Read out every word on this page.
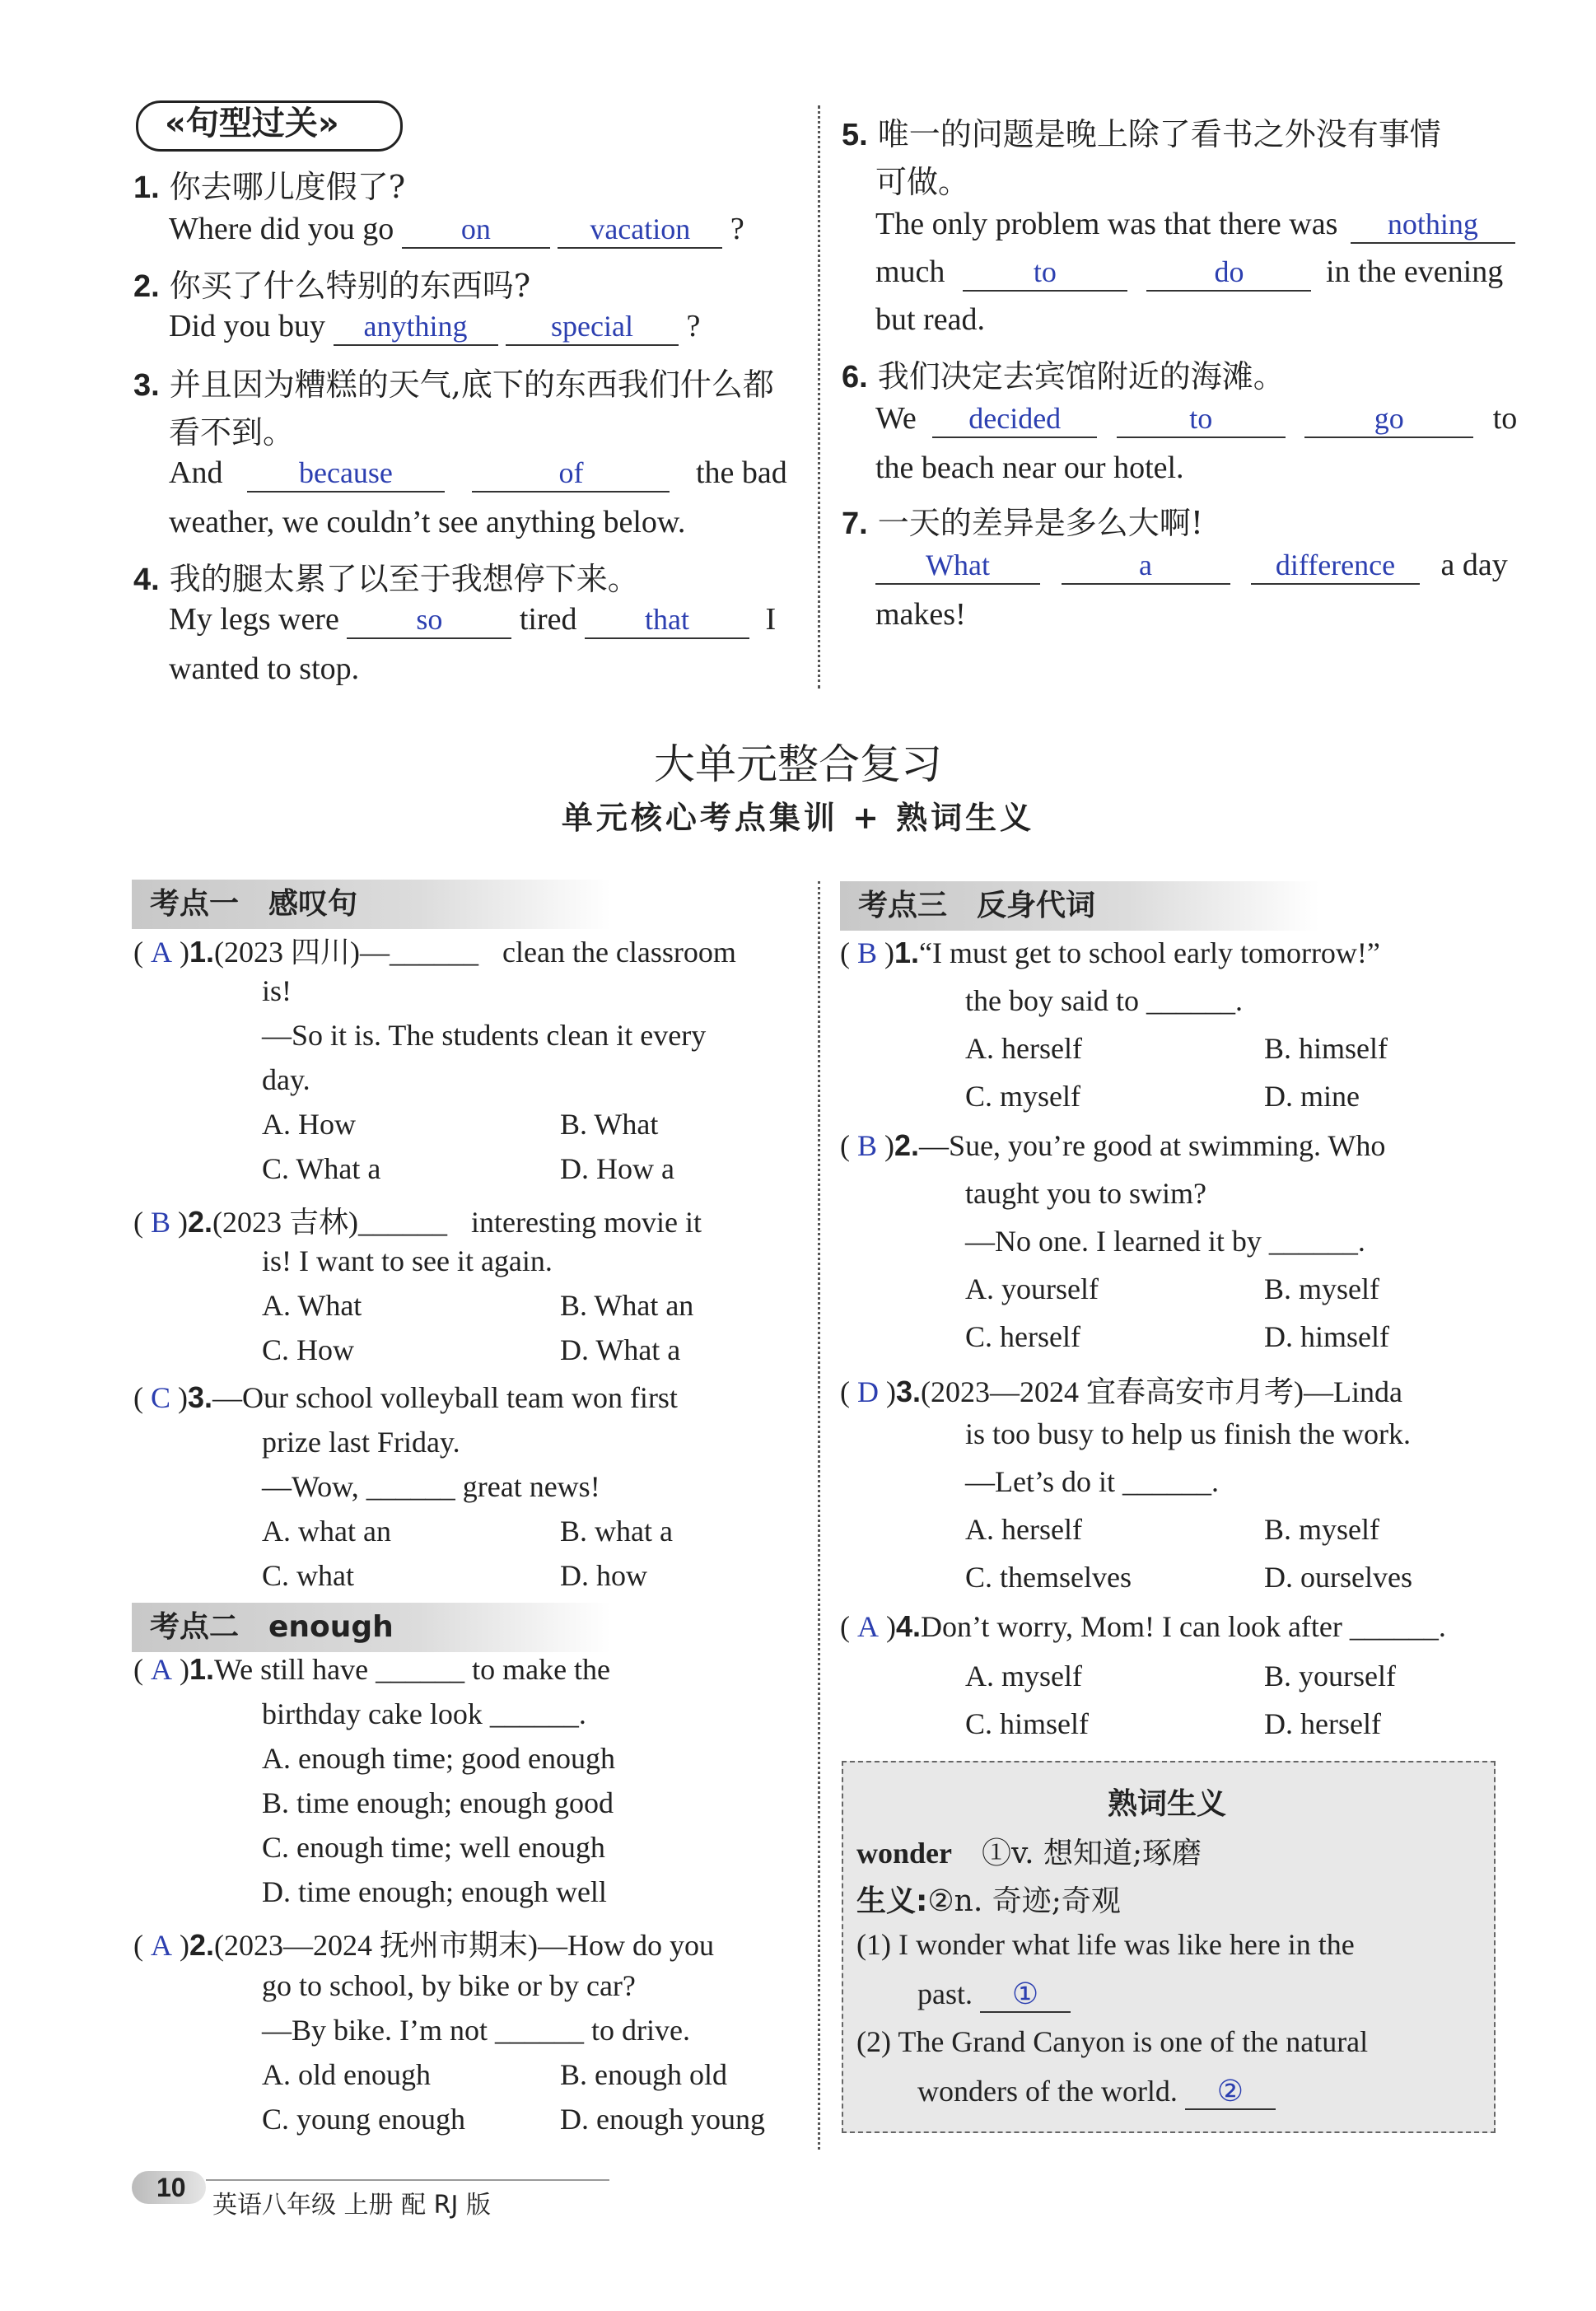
«句型过关»
1. 你去哪儿度假了?
Where did you go on	vacation ?
2. 你买了什么特别的东西吗?
Did you buy anything	special ?
3. 并且因为糟糕的天气,底下的东西我们什么都
看不到。
And	because	of	the bad
weather, we couldn’t see anything below.
4. 我的腿太累了以至于我想停下来。
My legs were	so tired that I
wanted to stop.
5. 唯一的问题是晚上除了看书之外没有事情
可做。
The only problem was that there was nothing
much	to	do	in the evening
but read.
6. 我们决定去宾馆附近的海滩。
We decided	to	go	to
the beach near our hotel.
7. 一天的差异是多么大啊!
What	a	difference a day
makes!
大单元整合复习
单元核心考点集训 + 熟词生义
考点一　感叹句
( A )1.(2023 四川)—______ clean the classroom
is!
—So it is. The students clean it every
day.
A. How	B. What
C. What a	D. How a
( B )2.(2023 吉林)______ interesting movie it
is! I want to see it again.
A. What	B. What an
C. How	D. What a
( C )3.—Our school volleyball team won first
prize last Friday.
—Wow, ______ great news!
A. what an	B. what a
C. what	D. how
考点二　enough
( A )1.We still have ______ to make the
birthday cake look ______.
A. enough time; good enough
B. time enough; enough good
C. enough time; well enough
D. time enough; enough well
( A )2.(2023—2024 抚州市期末)—How do you
go to school, by bike or by car?
—By bike. I’m not ______ to drive.
A. old enough	B. enough old
C. young enough	D. enough young
考点三　反身代词
( B )1.“I must get to school early tomorrow!”
the boy said to ______.
A. herself	B. himself
C. myself	D. mine
( B )2.—Sue, you’re good at swimming. Who
taught you to swim?
—No one. I learned it by ______.
A. yourself	B. myself
C. herself	D. himself
( D )3.(2023—2024 宜春高安市月考)—Linda
is too busy to help us finish the work.
—Let’s do it ______.
A. herself	B. myself
C. themselves	D. ourselves
( A )4.Don’t worry, Mom! I can look after ______.
A. myself	B. yourself
C. himself	D. herself
熟词生义
wonder　 ①v. 想知道;琢磨
生义:②n. 奇迹;奇观
(1) I wonder what life was like here in the
past. ①
(2) The Grand Canyon is one of the natural
wonders of the world. ②
10
英语八年级 上册 配 RJ 版
